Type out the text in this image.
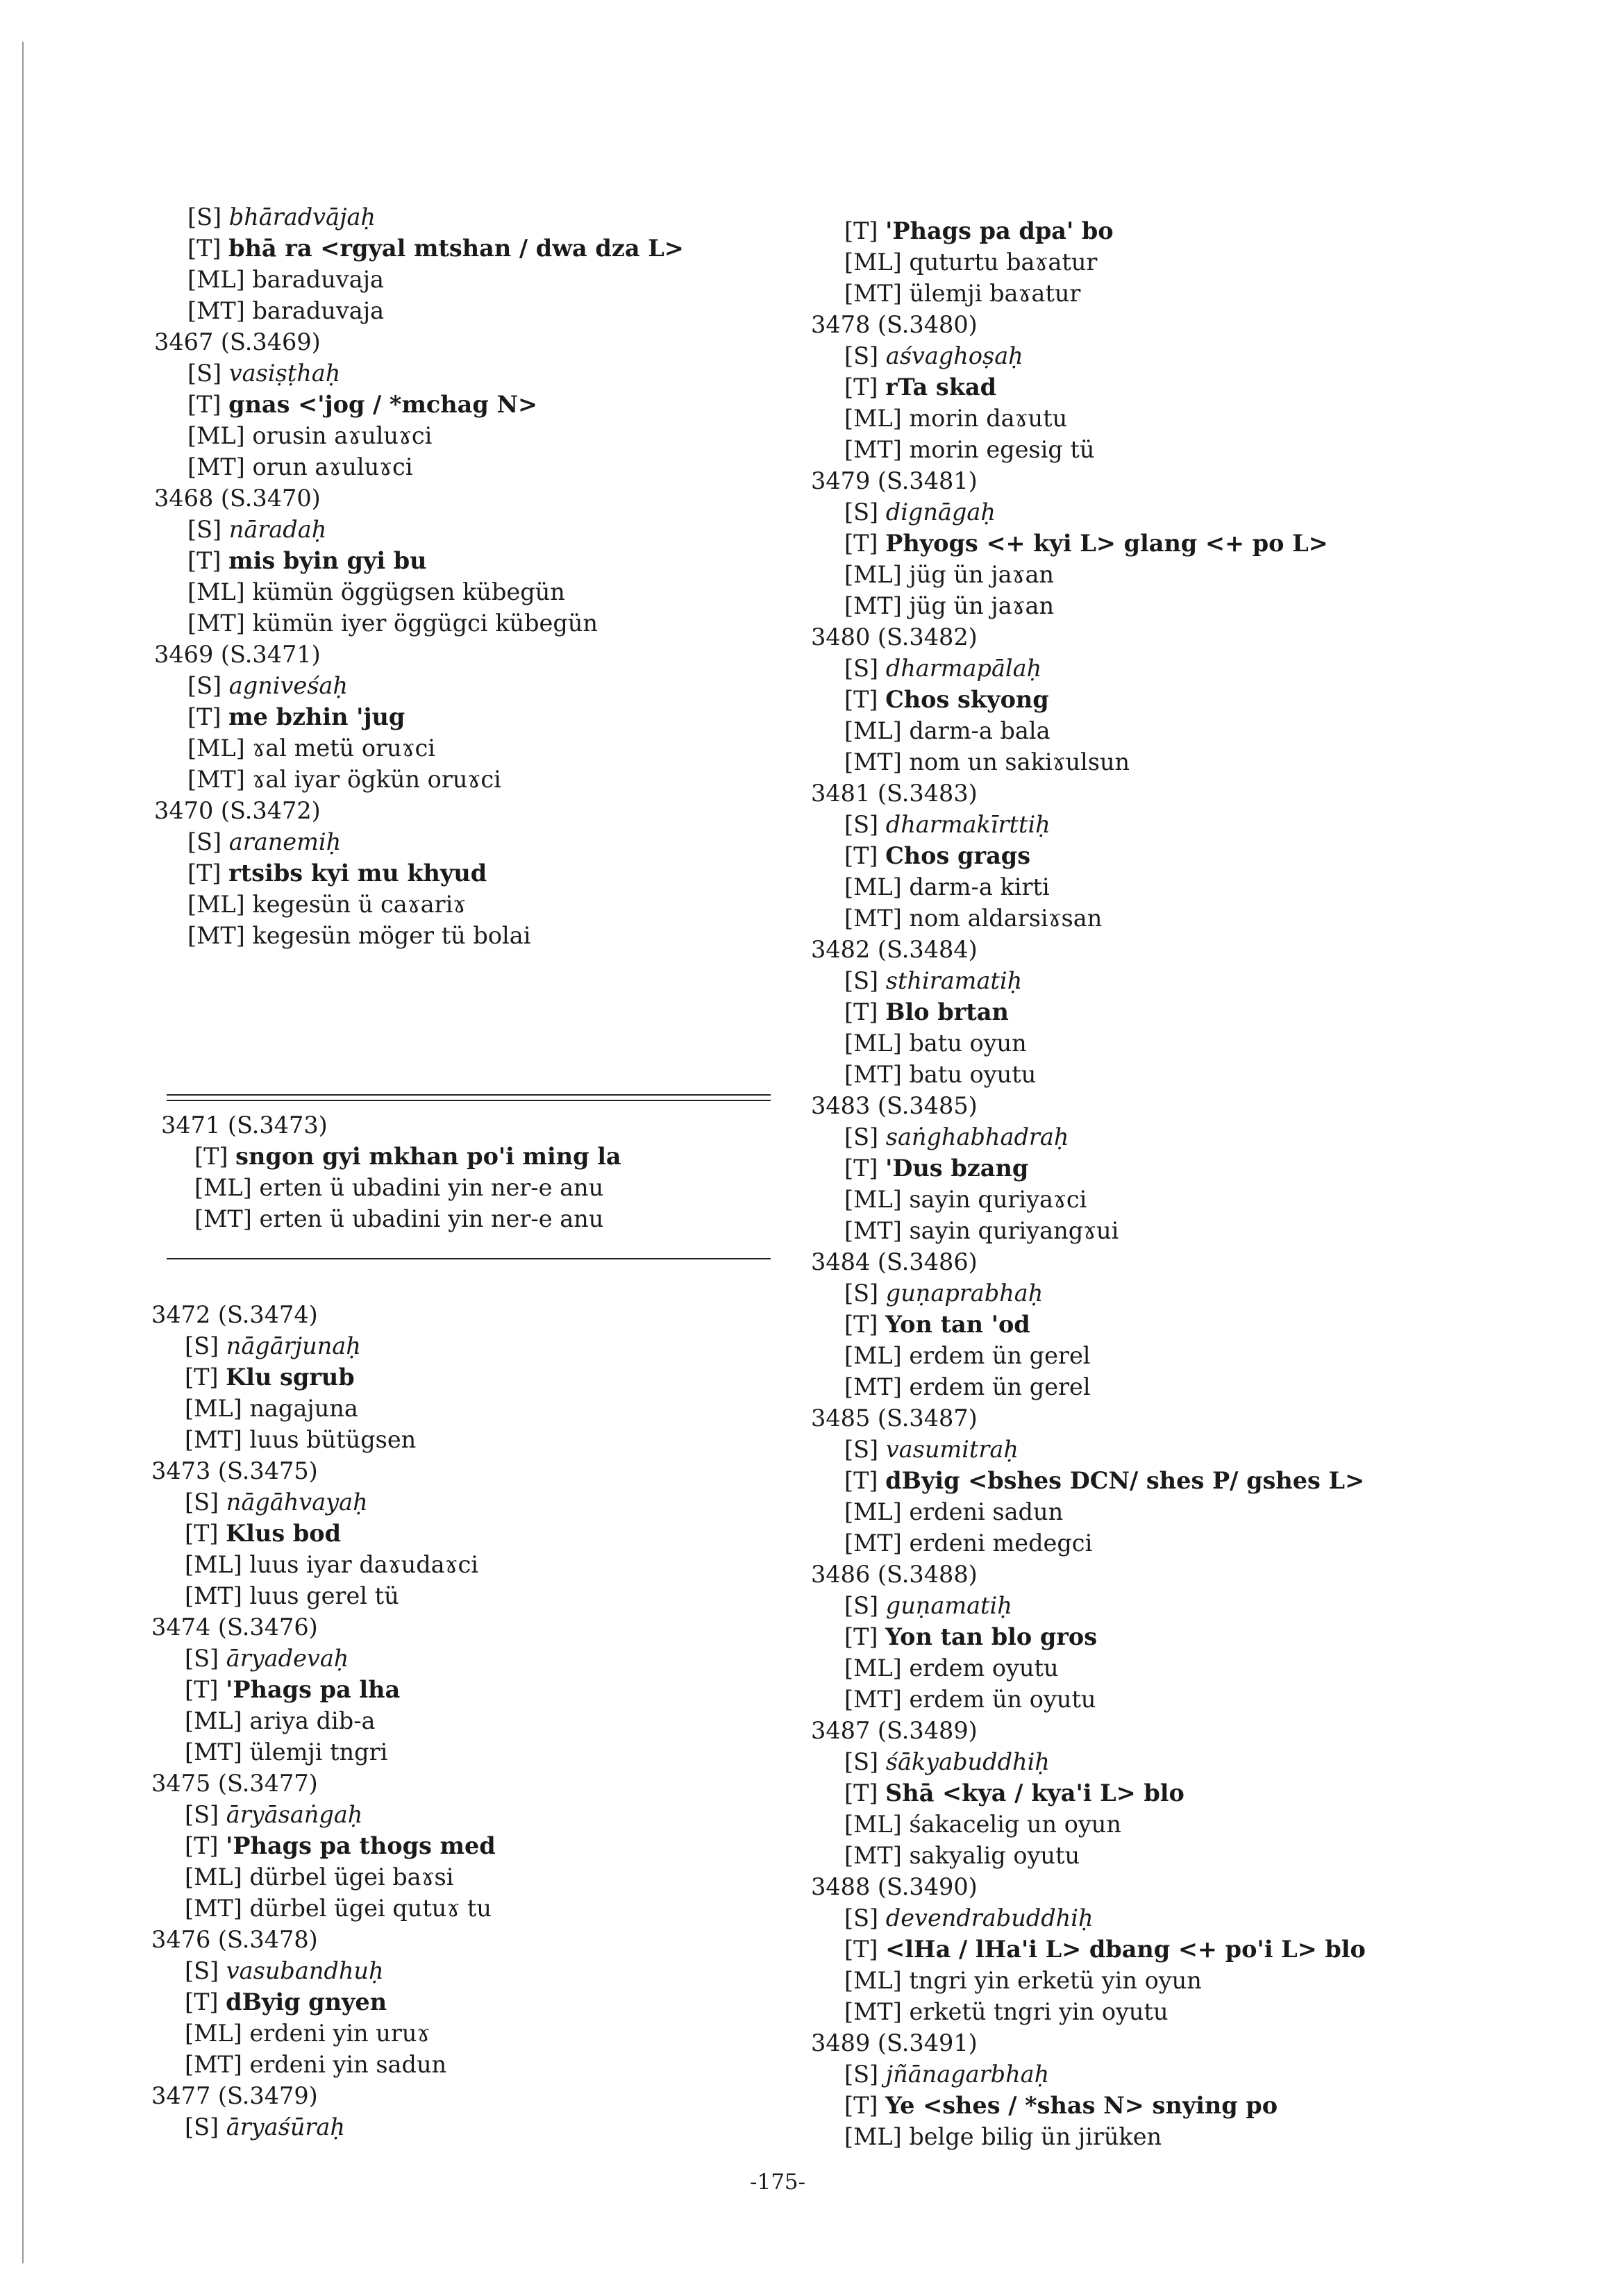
[S] bhāradvājaḥ
[T] bhā ra <rgyal mtshan / dwa dza L>
[ML] baraduvaja
[MT] baraduvaja
3467 (S.3469)
[S] vasiṣṭhaḥ
[T] gnas <'jog / *mchag N>
[ML] orusin aɤuluɤci
[MT] orun aɤuluɤci
3468 (S.3470)
[S] nāradaḥ
[T] mis byin gyi bu
[ML] kümün öggügsen kübegün
[MT] kümün iyer öggügci kübegün
3469 (S.3471)
[S] agniveśaḥ
[T] me bzhin 'jug
[ML] ɤal metü oruɤci
[MT] ɤal iyar ögkün oruɤci
3470 (S.3472)
[S] aranemiḥ
[T] rtsibs kyi mu khyud
[ML] kegesün ü caɤariɤ
[MT] kegesün möger tü bolai
3471 (S.3473)
[T] sngon gyi mkhan po'i ming la
[ML] erten ü ubadini yin ner-e anu
[MT] erten ü ubadini yin ner-e anu
3472 (S.3474)
[S] nāgārjunaḥ
[T] Klu sgrub
[ML] nagajuna
[MT] luus bütügsen
3473 (S.3475)
[S] nāgāhvayaḥ
[T] Klus bod
[ML] luus iyar daɤudaɤci
[MT] luus gerel tü
3474 (S.3476)
[S] āryadevaḥ
[T] 'Phags pa lha
[ML] ariya dib-a
[MT] ülemji tngri
3475 (S.3477)
[S] āryāsaṅgaḥ
[T] 'Phags pa thogs med
[ML] dürbel ügei baɤsi
[MT] dürbel ügei qutuɤ tu
3476 (S.3478)
[S] vasubandhuḥ
[T] dByig gnyen
[ML] erdeni yin uruɤ
[MT] erdeni yin sadun
3477 (S.3479)
[S] āryaśūraḥ
[T] 'Phags pa dpa' bo
[ML] quturtu baɤatur
[MT] ülemji baɤatur
3478 (S.3480)
[S] aśvaghoṣaḥ
[T] rTa skad
[ML] morin daɤutu
[MT] morin egesig tü
3479 (S.3481)
[S] dignāgaḥ
[T] Phyogs <+ kyi L> glang <+ po L>
[ML] jüg ün jaɤan
[MT] jüg ün jaɤan
3480 (S.3482)
[S] dharmapālaḥ
[T] Chos skyong
[ML] darm-a bala
[MT] nom un sakiɤulsun
3481 (S.3483)
[S] dharmakīrttiḥ
[T] Chos grags
[ML] darm-a kirti
[MT] nom aldarsiɤsan
3482 (S.3484)
[S] sthiramatiḥ
[T] Blo brtan
[ML] batu oyun
[MT] batu oyutu
3483 (S.3485)
[S] saṅghabhadraḥ
[T] 'Dus bzang
[ML] sayin quriyaɤci
[MT] sayin quriyangɤui
3484 (S.3486)
[S] guṇaprabhaḥ
[T] Yon tan 'od
[ML] erdem ün gerel
[MT] erdem ün gerel
3485 (S.3487)
[S] vasumitraḥ
[T] dByig <bshes DCN/ shes P/ gshes L>
[ML] erdeni sadun
[MT] erdeni medegci
3486 (S.3488)
[S] guṇamatiḥ
[T] Yon tan blo gros
[ML] erdem oyutu
[MT] erdem ün oyutu
3487 (S.3489)
[S] śākyabuddhiḥ
[T] Shā <kya / kya'i L> blo
[ML] śakacelig un oyun
[MT] sakyalig oyutu
3488 (S.3490)
[S] devendrabuddhiḥ
[T] <lHa / lHa'i L> dbang <+ po'i L> blo
[ML] tngri yin erketü yin oyun
[MT] erketü tngri yin oyutu
3489 (S.3491)
[S] jñānagarbhaḥ
[T] Ye <shes / *shas N> snying po
[ML] belge bilig ün jirüken
-175-
